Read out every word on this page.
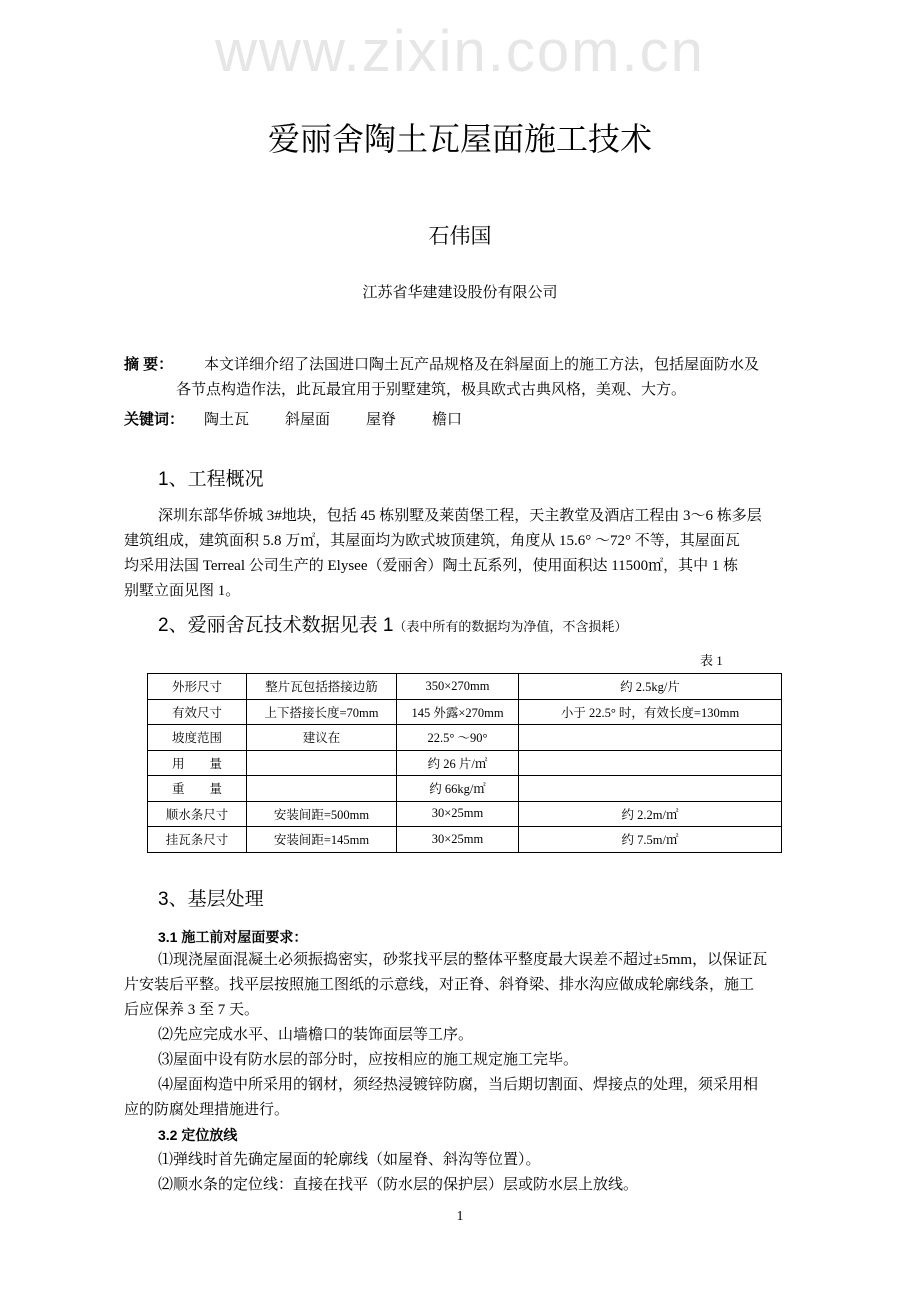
www.zixin.com.cn
爱丽舍陶土瓦屋面施工技术
石伟国
江苏省华建建设股份有限公司
摘 要： 本文详细介绍了法国进口陶土瓦产品规格及在斜屋面上的施工方法，包括屋面防水及
各节点构造作法，此瓦最宜用于别墅建筑，极具欧式古典风格，美观、大方。
关键词：	陶土瓦 斜屋面 屋脊 檐口
1、工程概况
深圳东部华侨城 3#地块，包括 45 栋别墅及莱茵堡工程，天主教堂及酒店工程由 3～6 栋多层
建筑组成，建筑面积 5.8 万㎡，其屋面均为欧式坡顶建筑，角度从 15.6° ～72° 不等，其屋面瓦
均采用法国 Terreal 公司生产的 Elysee（爱丽舍）陶土瓦系列，使用面积达 11500㎡，其中 1 栋
别墅立面见图 1。
2、爱丽舍瓦技术数据见表 1（表中所有的数据均为净值，不含损耗）
表 1
外形尺寸	整片瓦包括搭接边筋	350×270mm	约 2.5kg/片
有效尺寸	上下搭接长度=70mm	145 外露×270mm	小于 22.5° 时，有效长度=130mm
坡度范围	建议在	22.5° ～90°	
用　　量		约 26 片/㎡	
重　　量		约 66kg/㎡	
顺水条尺寸	安装间距=500mm	30×25mm	约 2.2m/㎡
挂瓦条尺寸	安装间距=145mm	30×25mm	约 7.5m/㎡
3、基层处理
3.1 施工前对屋面要求：
⑴现浇屋面混凝土必须振捣密实，砂浆找平层的整体平整度最大误差不超过±5mm，以保证瓦
片安装后平整。找平层按照施工图纸的示意线，对正脊、斜脊梁、排水沟应做成轮廓线条，施工
后应保养 3 至 7 天。
⑵先应完成水平、山墙檐口的装饰面层等工序。
⑶屋面中设有防水层的部分时，应按相应的施工规定施工完毕。
⑷屋面构造中所采用的钢材，须经热浸镀锌防腐，当后期切割面、焊接点的处理，须采用相
应的防腐处理措施进行。
3.2 定位放线
⑴弹线时首先确定屋面的轮廓线（如屋脊、斜沟等位置）。
⑵顺水条的定位线：直接在找平（防水层的保护层）层或防水层上放线。
1
